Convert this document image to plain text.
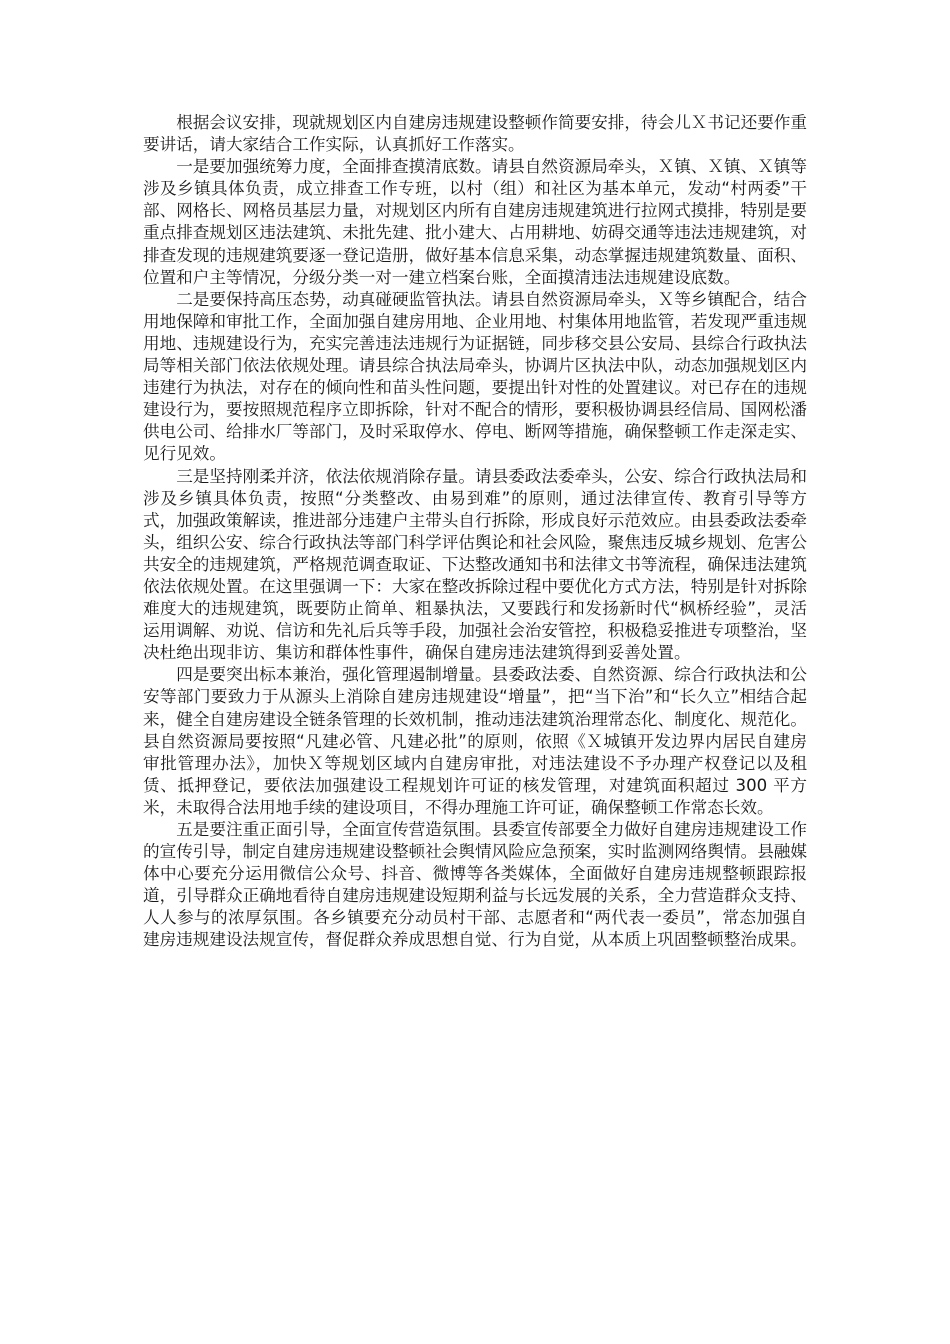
根据会议安排，现就规划区内自建房违规建设整顿作简要安排，待会儿Ｘ书记还要作重要讲话，请大家结合工作实际，认真抓好工作落实。

一是要加强统筹力度，全面排查摸清底数。请县自然资源局牵头，Ｘ镇、Ｘ镇、Ｘ镇等涉及乡镇具体负责，成立排查工作专班，以村（组）和社区为基本单元，发动“村两委”干部、网格长、网格员基层力量，对规划区内所有自建房违规建筑进行拉网式摸排，特别是要重点排查规划区违法建筑、未批先建、批小建大、占用耕地、妨碍交通等违法违规建筑，对排查发现的违规建筑要逐一登记造册，做好基本信息采集，动态掌握违规建筑数量、面积、位置和户主等情况，分级分类一对一建立档案台账，全面摸清违法违规建设底数。

二是要保持高压态势，动真碰硬监管执法。请县自然资源局牵头，Ｘ等乡镇配合，结合用地保障和审批工作，全面加强自建房用地、企业用地、村集体用地监管，若发现严重违规用地、违规建设行为，充实完善违法违规行为证据链，同步移交县公安局、县综合行政执法局等相关部门依法依规处理。请县综合执法局牵头，协调片区执法中队，动态加强规划区内违建行为执法，对存在的倾向性和苗头性问题，要提出针对性的处置建议。对已存在的违规建设行为，要按照规范程序立即拆除，针对不配合的情形，要积极协调县经信局、国网松潘供电公司、给排水厂等部门，及时采取停水、停电、断网等措施，确保整顿工作走深走实、见行见效。

三是坚持刚柔并济，依法依规消除存量。请县委政法委牵头，公安、综合行政执法局和涉及乡镇具体负责，按照“分类整改、由易到难”的原则，通过法律宣传、教育引导等方式，加强政策解读，推进部分违建户主带头自行拆除，形成良好示范效应。由县委政法委牵头，组织公安、综合行政执法等部门科学评估舆论和社会风险，聚焦违反城乡规划、危害公共安全的违规建筑，严格规范调查取证、下达整改通知书和法律文书等流程，确保违法建筑依法依规处置。在这里强调一下：大家在整改拆除过程中要优化方式方法，特别是针对拆除难度大的违规建筑，既要防止简单、粗暴执法，又要践行和发扬新时代“枫桥经验”，灵活运用调解、劝说、信访和先礼后兵等手段，加强社会治安管控，积极稳妥推进专项整治，坚决杜绝出现非访、集访和群体性事件，确保自建房违法建筑得到妥善处置。

四是要突出标本兼治，强化管理遏制增量。县委政法委、自然资源、综合行政执法和公安等部门要致力于从源头上消除自建房违规建设“增量”，把“当下治”和“长久立”相结合起来，健全自建房建设全链条管理的长效机制，推动违法建筑治理常态化、制度化、规范化。县自然资源局要按照“凡建必管、凡建必批”的原则，依照《Ｘ城镇开发边界内居民自建房审批管理办法》，加快Ｘ等规划区域内自建房审批，对违法建设不予办理产权登记以及租赁、抵押登记，要依法加强建设工程规划许可证的核发管理，对建筑面积超过 300 平方米，未取得合法用地手续的建设项目，不得办理施工许可证，确保整顿工作常态长效。

五是要注重正面引导，全面宣传营造氛围。县委宣传部要全力做好自建房违规建设工作的宣传引导，制定自建房违规建设整顿社会舆情风险应急预案，实时监测网络舆情。县融媒体中心要充分运用微信公众号、抖音、微博等各类媒体，全面做好自建房违规整顿跟踪报道，引导群众正确地看待自建房违规建设短期利益与长远发展的关系，全力营造群众支持、人人参与的浓厚氛围。各乡镇要充分动员村干部、志愿者和“两代表一委员”，常态加强自建房违规建设法规宣传，督促群众养成思想自觉、行为自觉，从本质上巩固整顿整治成果。
